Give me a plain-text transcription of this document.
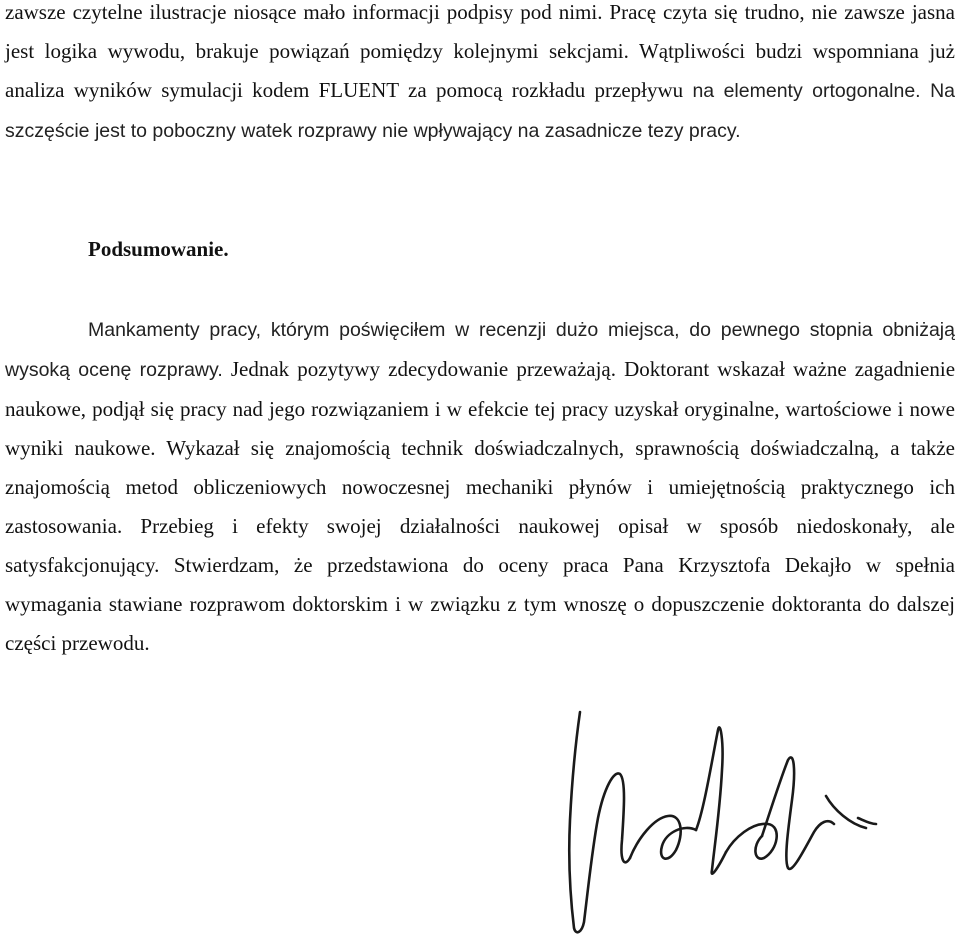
zawsze czytelne ilustracje niosące mało informacji podpisy pod nimi. Pracę czyta się trudno, nie zawsze jasna jest logika wywodu, brakuje powiązań pomiędzy kolejnymi sekcjami. Wątpliwości budzi wspomniana już analiza wyników symulacji kodem FLUENT za pomocą rozkładu przepływu na elementy ortogonalne. Na szczęście jest to poboczny watek rozprawy nie wpływający na zasadnicze tezy pracy.

Podsumowanie.

Mankamenty pracy, którym poświęciłem w recenzji dużo miejsca, do pewnego stopnia obniżają wysoką ocenę rozprawy. Jednak pozytywy zdecydowanie przeważają. Doktorant wskazał ważne zagadnienie naukowe, podjął się pracy nad jego rozwiązaniem i w efekcie tej pracy uzyskał oryginalne, wartościowe i nowe wyniki naukowe. Wykazał się znajomością technik doświadczalnych, sprawnością doświadczalną, a także znajomością metod obliczeniowych nowoczesnej mechaniki płynów i umiejętnością praktycznego ich zastosowania. Przebieg i efekty swojej działalności naukowej opisał w sposób niedoskonały, ale satysfakcjonujący. Stwierdzam, że przedstawiona do oceny praca Pana Krzysztofa Dekajło w spełnia wymagania stawiane rozprawom doktorskim i w związku z tym wnoszę o dopuszczenie doktoranta do dalszej części przewodu.
